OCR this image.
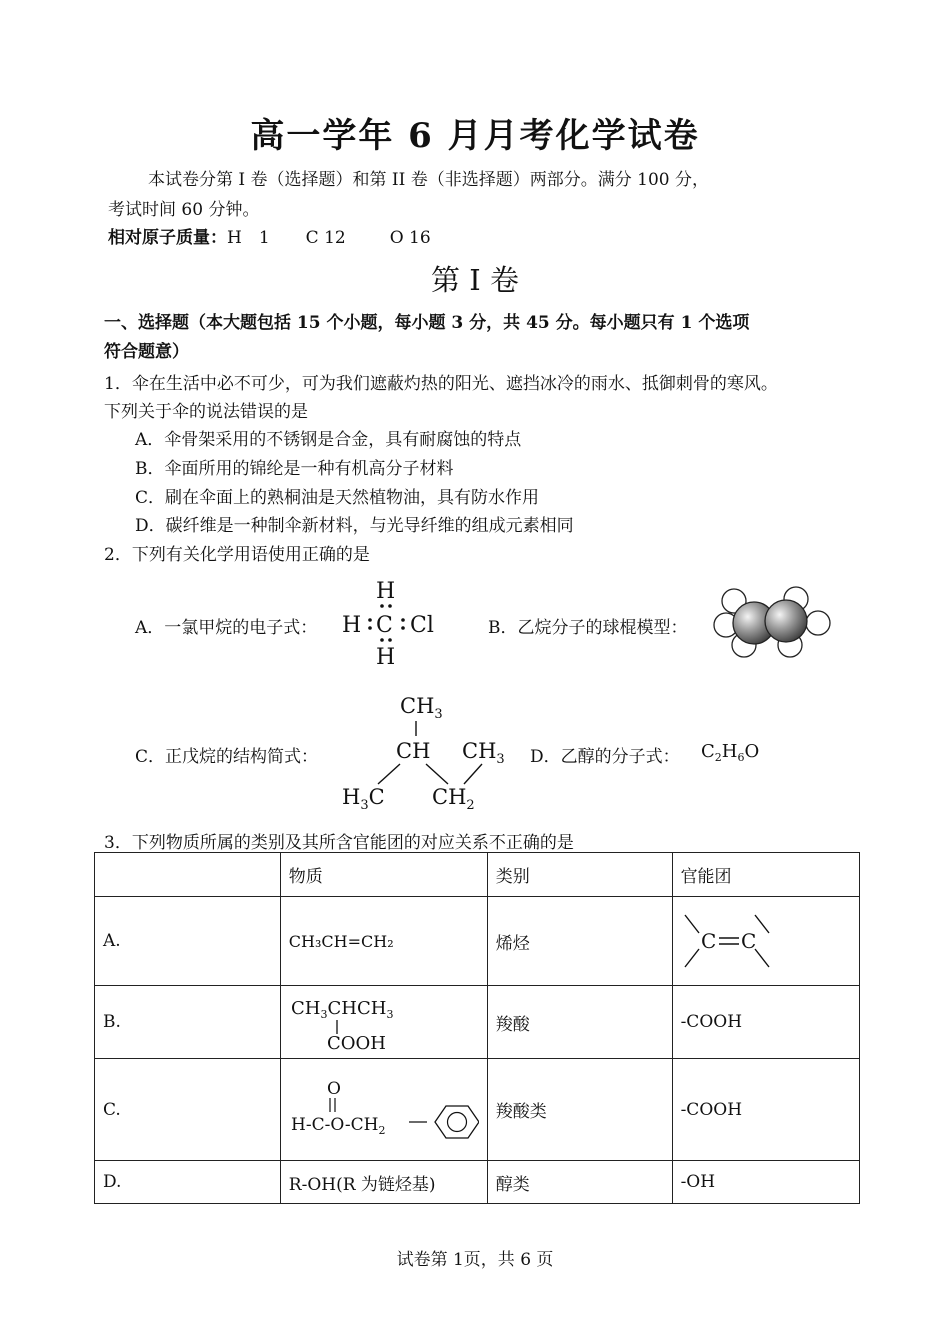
高一学年 6 月月考化学试卷
本试卷分第 I 卷（选择题）和第 II 卷（非选择题）两部分。满分 100 分，
考试时间 60 分钟。
相对原子质量：H　1 C 12	O 16
第 I 卷
一、选择题（本大题包括 15 个小题，每小题 3 分，共 45 分。每小题只有 1 个选项
符合题意）
1．伞在生活中必不可少，可为我们遮蔽灼热的阳光、遮挡冰冷的雨水、抵御刺骨的寒风。
下列关于伞的说法错误的是
A．伞骨架采用的不锈钢是合金，具有耐腐蚀的特点
B．伞面所用的锦纶是一种有机高分子材料
C．刷在伞面上的熟桐油是天然植物油，具有防水作用
D．碳纤维是一种制伞新材料，与光导纤维的组成元素相同
2．下列有关化学用语使用正确的是
A．一氯甲烷的电子式：
H
H C Cl
H
B．乙烷分子的球棍模型：
C．正戊烷的结构简式：
$CH_3$
CH $CH_3$
$H_3C$ $CH_2$
D．乙醇的分子式： $C_2H_6O$
3．下列物质所属的类别及其所含官能团的对应关系不正确的是
	物质	类别	官能团
A.	CH₃CH=CH₂	烯烃	C C

B.	$CH_3CHCH_3$
COOH	羧酸	-COOH
C.	O
$H-C-O-CH_2$	羧酸类	-COOH
D.	R-OH(R 为链烃基)	醇类	-OH
试卷第 1页，共 6 页
